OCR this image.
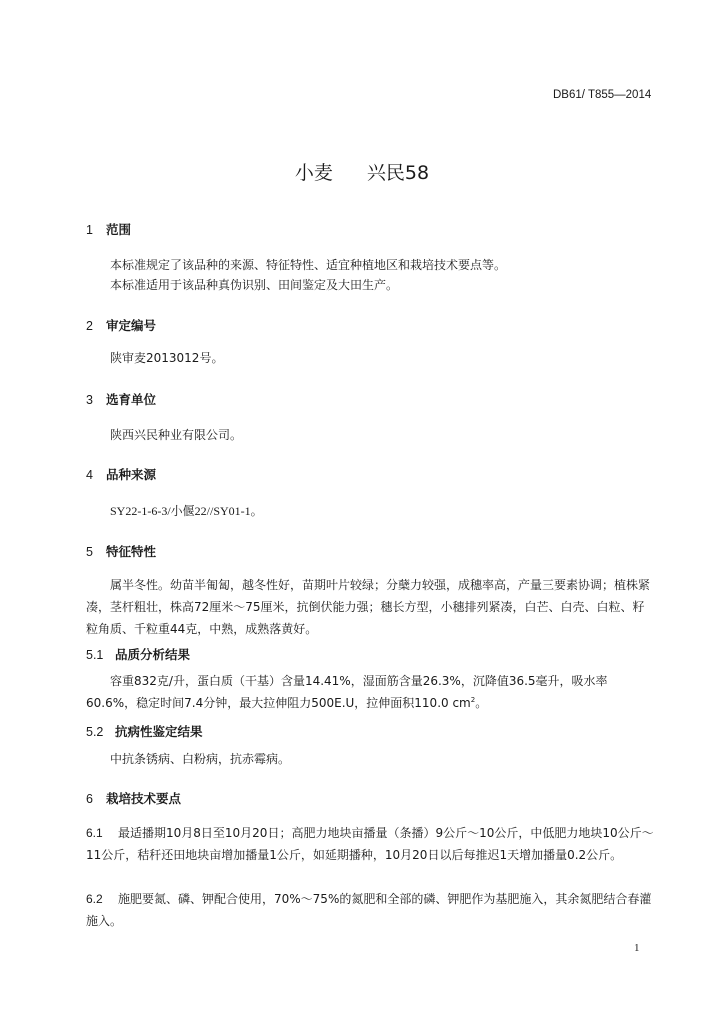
DB61/ T855—2014
小麦 兴民58
1 范围
本标准规定了该品种的来源、特征特性、适宜种植地区和栽培技术要点等。
本标准适用于该品种真伪识别、田间鉴定及大田生产。
2 审定编号
陕审麦2013012号。
3 选育单位
陕西兴民种业有限公司。
4 品种来源
SY22-1-6-3/小偃22//SY01-1。
5 特征特性
属半冬性。幼苗半匍匐，越冬性好，苗期叶片较绿；分蘖力较强，成穗率高，产量三要素协调；植株紧凑，茎杆粗壮，株高72厘米～75厘米，抗倒伏能力强；穗长方型，小穗排列紧凑，白芒、白壳、白粒、籽粒角质、千粒重44克，中熟，成熟落黄好。
5.1 品质分析结果
容重832克/升，蛋白质（干基）含量14.41%，湿面筋含量26.3%，沉降值36.5毫升，吸水率60.6%，稳定时间7.4分钟，最大拉伸阻力500E.U，拉伸面积110.0 $cm^2$。
5.2 抗病性鉴定结果
中抗条锈病、白粉病，抗赤霉病。
6 栽培技术要点
6.1 最适播期10月8日至10月20日；高肥力地块亩播量（条播）9公斤～10公斤，中低肥力地块10公斤～11公斤，秸秆还田地块亩增加播量1公斤，如延期播种，10月20日以后每推迟1天增加播量0.2公斤。
6.2 施肥要氮、磷、钾配合使用，70%～75%的氮肥和全部的磷、钾肥作为基肥施入，其余氮肥结合春灌施入。
1
